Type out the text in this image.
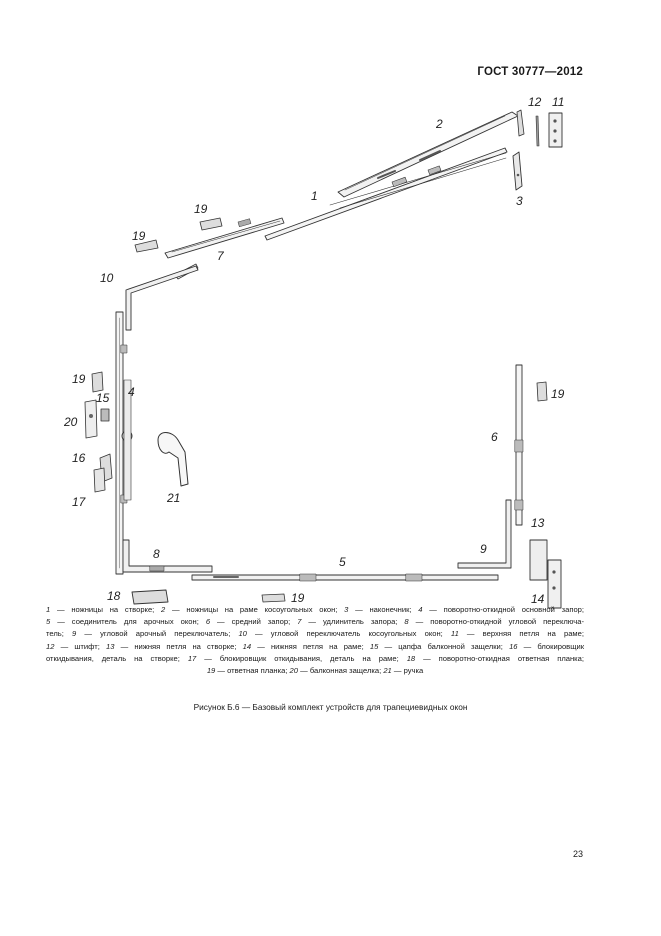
ГОСТ 30777—2012
2
12 11
3
1
19
19
7
10
19
4
15
20
16
17	21
8
5
18	19
9
6
19
13
14
1 — ножницы на створке; 2 — ножницы на раме косоугольных окон; 3 — наконечник; 4 — поворотно-откидной основной запор;
5 — соединитель для арочных окон; 6 — средний запор; 7 — удлинитель запора; 8 — поворотно-откидной угловой переключа-
тель; 9 — угловой арочный переключатель; 10 — угловой переключатель косоугольных окон; 11 — верхняя петля на раме;
12 — штифт; 13 — нижняя петля на створке; 14 — нижняя петля на раме; 15 — цапфа балконной защелки; 16 — блокировщик
откидывания, деталь на створке; 17 — блокировщик откидывания, деталь на раме; 18 — поворотно-откидная ответная планка;
19 — ответная планка; 20 — балконная защелка; 21 — ручка
Рисунок Б.6 — Базовый комплект устройств для трапециевидных окон
23
